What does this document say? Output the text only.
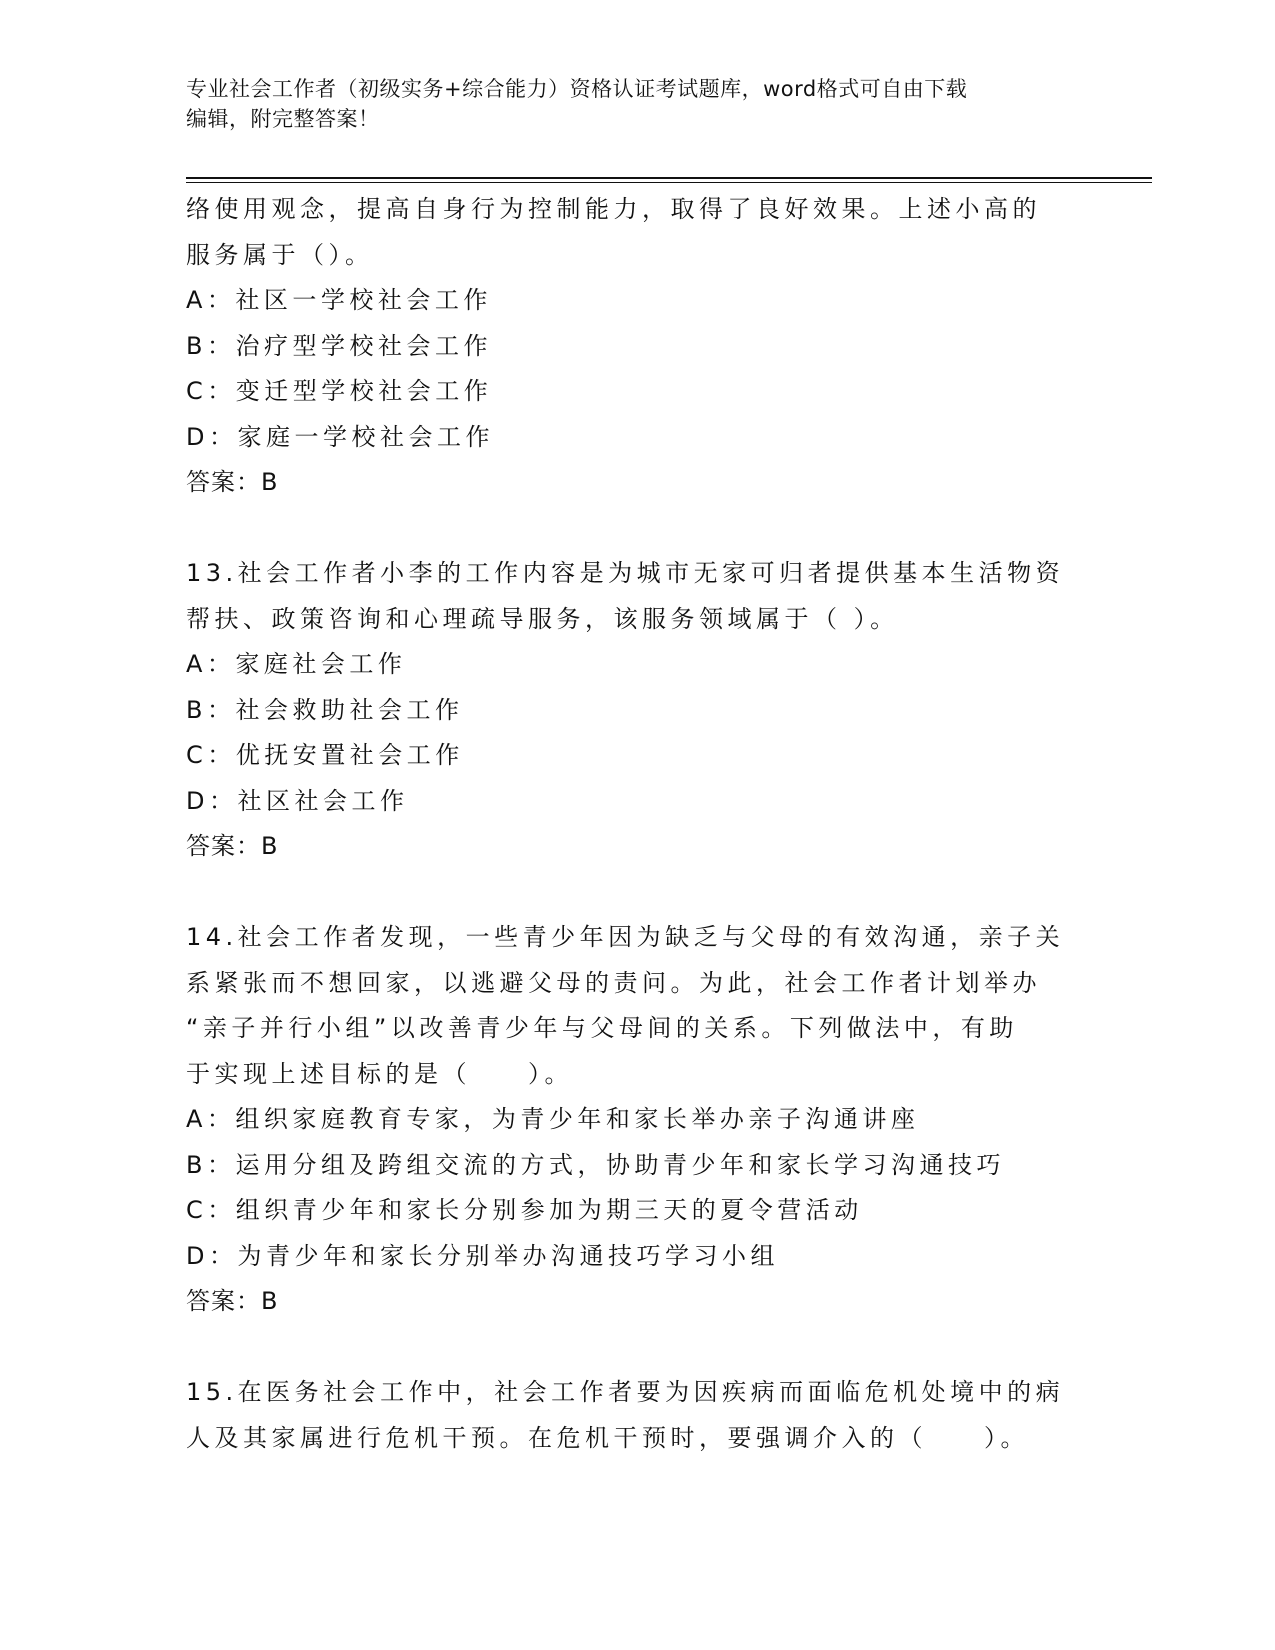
专业社会工作者（初级实务+综合能力）资格认证考试题库，word格式可自由下载
编辑，附完整答案！
络使用观念，提高自身行为控制能力，取得了良好效果。上述小高的
服务属于（）。
A：社区一学校社会工作
B：治疗型学校社会工作
C：变迁型学校社会工作
D：家庭一学校社会工作
答案：B
13.社会工作者小李的工作内容是为城市无家可归者提供基本生活物资
帮扶、政策咨询和心理疏导服务，该服务领域属于（ ）。
A：家庭社会工作
B：社会救助社会工作
C：优抚安置社会工作
D：社区社会工作
答案：B
14.社会工作者发现，一些青少年因为缺乏与父母的有效沟通，亲子关
系紧张而不想回家，以逃避父母的责问。为此，社会工作者计划举办
“亲子并行小组”以改善青少年与父母间的关系。下列做法中，有助
于实现上述目标的是（　　）。
A：组织家庭教育专家，为青少年和家长举办亲子沟通讲座
B：运用分组及跨组交流的方式，协助青少年和家长学习沟通技巧
C：组织青少年和家长分别参加为期三天的夏令营活动
D：为青少年和家长分别举办沟通技巧学习小组
答案：B
15.在医务社会工作中，社会工作者要为因疾病而面临危机处境中的病
人及其家属进行危机干预。在危机干预时，要强调介入的（　　）。
